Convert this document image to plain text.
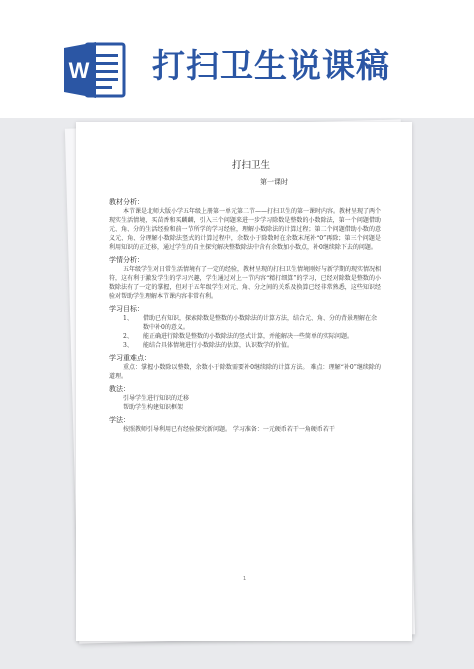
W 打扫卫生说课稿
打扫卫生
第一课时
教材分析：

本节课是北师大版小学五年级上册第一单元第二节——打扫卫生的第一课时内容。教材呈现了两个现实生活情境，买苗香和买麟麟，引入三个问题来进一步学习除数是整数的小数除法，第一个问题借助元、角、分的生活经验和前一节所学的学习经验，理解小数除法的计算过程；第二个问题借助小数的意义元、角、分理解小数除法竖式的计算过程中，余数小于除数时在余数末尾补“0”再除；第三个问题是利用知识的正迁移，通过学生的自主探究解决整数除法中含有余数加小数点，补0继续除下去的问题。

学情分析：

五年级学生对日常生活情境有了一定的经验，教材呈现的打扫卫生情境刚好与新学期的现实情况相符，这有利于激发学生的学习兴趣，学生通过对上一节内容“精打细算”的学习，已经对除数是整数的小数除法有了一定的掌握，但对于五年级学生对元、角、分之间的关系及换算已经非常熟悉，这些知识经验对帮助学生理解本节课内容非常有利。

学习目标：
1、	借助已有知识，探索除数是整数的小数除法的计算方法，结合元、角、分的背景理解在余数中补0的意义。
2、	能正确进行除数是整数的小数除法的竖式计算，并能解决一些简单的实际问题。
3、	能结合具体情境进行小数除法的估算，认识数学的价值。
学习重难点：

重点：掌握小数除以整数，余数小于除数需要补0继续除的计算方法。 难点：理解“补0”继续除的道理。

教法：

引导学生进行知识的迁移

帮助学生构建知识框架

学法：

按照教师引导利用已有经验探究新问题。 学习准备：一元硬币若干一角硬币若干

1
